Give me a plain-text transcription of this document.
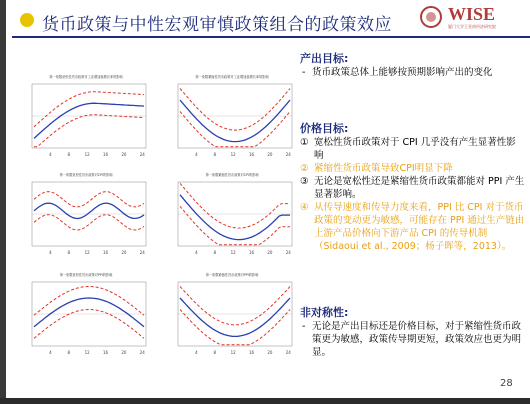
货币政策与中性宏观审慎政策组合的政策效应
WISE
厦门大学王亚南经济研究院
第一象限宽松性货币政策对工业增加值增长率的影响
4	8	12	16	20	24
第一象限紧缩性货币政策对工业增加值增长率的影响
4	8	12	16	20	24
第一象限宽松性货币政策对CPI的影响
4	8	12	16	20	24
第一象限紧缩性货币政策对CPI的影响
4	8	12	16	20	24
第一象限宽松性货币政策对PPI的影响
4	8	12	16	20	24
第一象限紧缩性货币政策对PPI的影响
4	8	12	16	20	24

产出目标:

- 货币政策总体上能够按预期影响产出的变化

价格目标:

① 宽松性货币政策对于 CPI 几乎没有产生显著性影响

② 紧缩性货币政策导致CPI明显下降

③ 无论是宽松性还是紧缩性货币政策都能对 PPI 产生显著影响。

④ 从传导速度和传导力度来看，PPI 比 CPI 对于货币政策的变动更为敏感，可能存在 PPI 通过生产链由上游产品价格向下游产品 CPI 的传导机制（Sidaoui et al., 2009；杨子晖等，2013）。

非对称性:

- 无论是产出目标还是价格目标，对于紧缩性货币政策更为敏感，政策传导期更短，政策效应也更为明显。

28
